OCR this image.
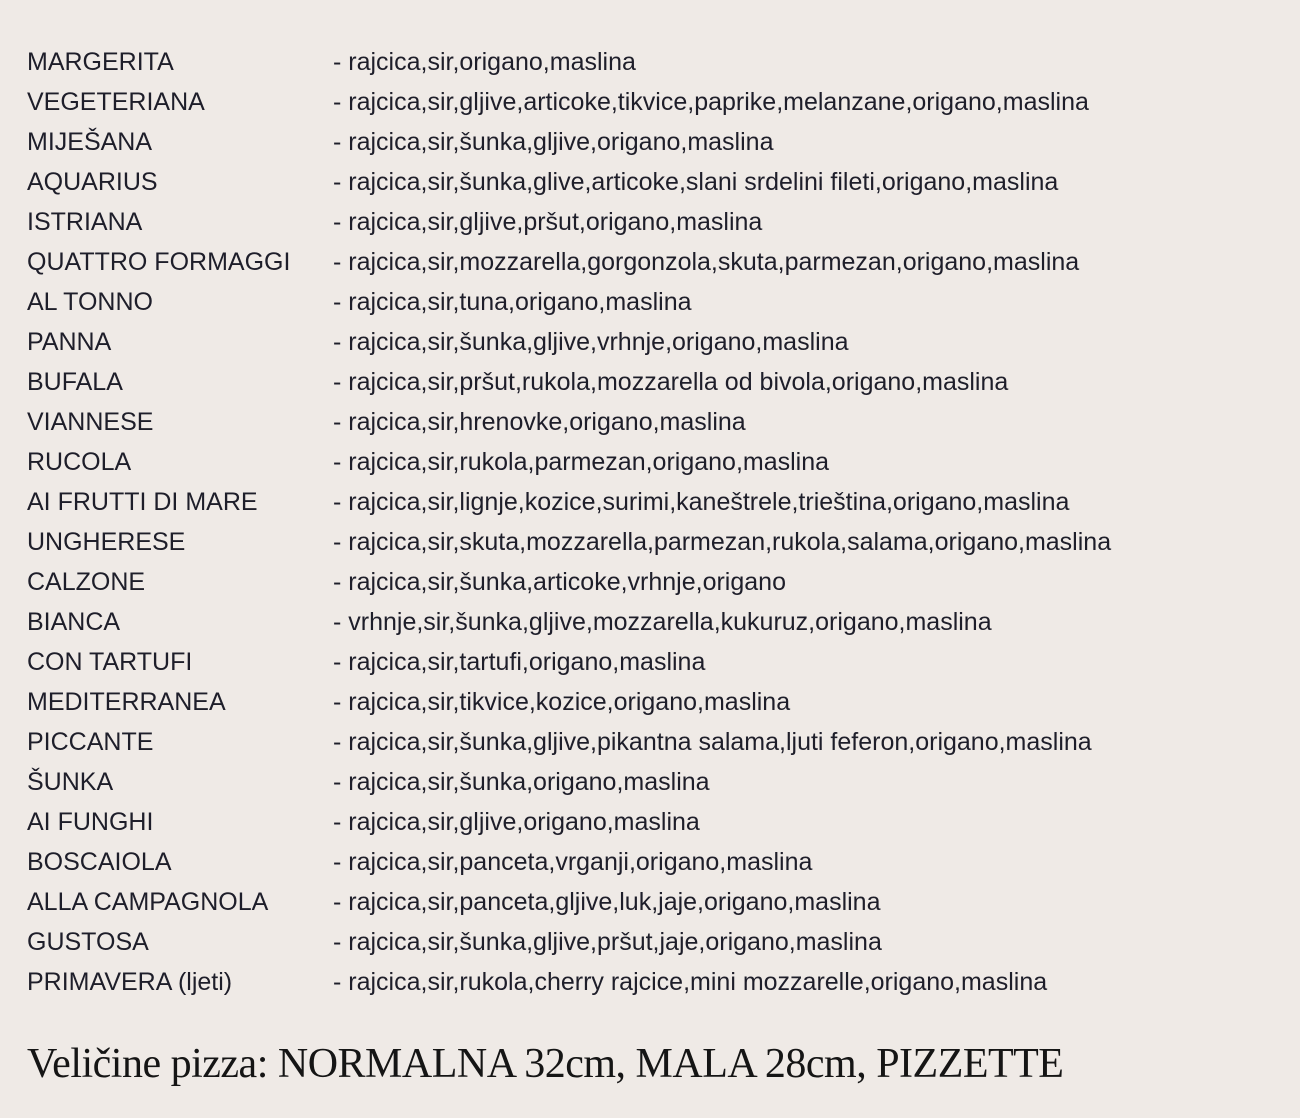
MARGERITA	- rajcica,sir,origano,maslina
VEGETERIANA	- rajcica,sir,gljive,articoke,tikvice,paprike,melanzane,origano,maslina
MIJEŠANA	- rajcica,sir,šunka,gljive,origano,maslina
AQUARIUS	- rajcica,sir,šunka,glive,articoke,slani srdelini fileti,origano,maslina
ISTRIANA	- rajcica,sir,gljive,pršut,origano,maslina
QUATTRO FORMAGGI	- rajcica,sir,mozzarella,gorgonzola,skuta,parmezan,origano,maslina
AL TONNO	- rajcica,sir,tuna,origano,maslina
PANNA	- rajcica,sir,šunka,gljive,vrhnje,origano,maslina
BUFALA	- rajcica,sir,pršut,rukola,mozzarella od bivola,origano,maslina
VIANNESE	- rajcica,sir,hrenovke,origano,maslina
RUCOLA	- rajcica,sir,rukola,parmezan,origano,maslina
AI FRUTTI DI MARE	- rajcica,sir,lignje,kozice,surimi,kaneštrele,trieština,origano,maslina
UNGHERESE	- rajcica,sir,skuta,mozzarella,parmezan,rukola,salama,origano,maslina
CALZONE	- rajcica,sir,šunka,articoke,vrhnje,origano
BIANCA	- vrhnje,sir,šunka,gljive,mozzarella,kukuruz,origano,maslina
CON TARTUFI	- rajcica,sir,tartufi,origano,maslina
MEDITERRANEA	- rajcica,sir,tikvice,kozice,origano,maslina
PICCANTE	- rajcica,sir,šunka,gljive,pikantna salama,ljuti feferon,origano,maslina
ŠUNKA	- rajcica,sir,šunka,origano,maslina
AI FUNGHI	- rajcica,sir,gljive,origano,maslina
BOSCAIOLA	- rajcica,sir,panceta,vrganji,origano,maslina
ALLA CAMPAGNOLA	- rajcica,sir,panceta,gljive,luk,jaje,origano,maslina
GUSTOSA	- rajcica,sir,šunka,gljive,pršut,jaje,origano,maslina
PRIMAVERA (ljeti)	- rajcica,sir,rukola,cherry rajcice,mini mozzarelle,origano,maslina
Veličine pizza: NORMALNA 32cm, MALA 28cm, PIZZETTE
